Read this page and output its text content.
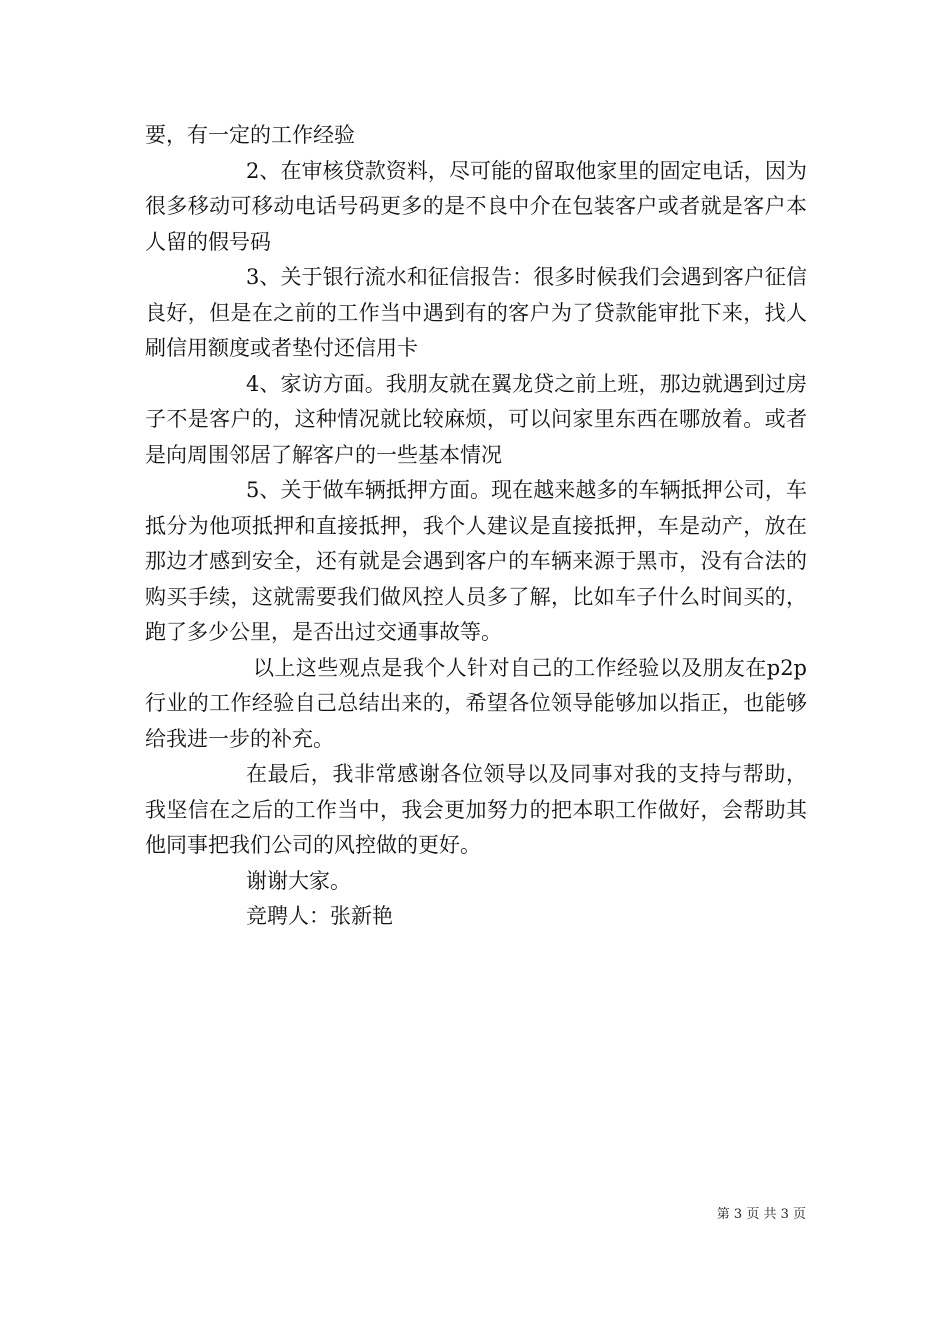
要，有一定的工作经验

2、在审核贷款资料，尽可能的留取他家里的固定电话，因为很多移动可移动电话号码更多的是不良中介在包装客户或者就是客户本人留的假号码

3、关于银行流水和征信报告：很多时候我们会遇到客户征信良好，但是在之前的工作当中遇到有的客户为了贷款能审批下来，找人刷信用额度或者垫付还信用卡

4、家访方面。我朋友就在翼龙贷之前上班，那边就遇到过房子不是客户的，这种情况就比较麻烦，可以问家里东西在哪放着。或者是向周围邻居了解客户的一些基本情况

5、关于做车辆抵押方面。现在越来越多的车辆抵押公司，车抵分为他项抵押和直接抵押，我个人建议是直接抵押，车是动产，放在那边才感到安全，还有就是会遇到客户的车辆来源于黑市，没有合法的购买手续，这就需要我们做风控人员多了解，比如车子什么时间买的，跑了多少公里，是否出过交通事故等。

以上这些观点是我个人针对自己的工作经验以及朋友在p2p行业的工作经验自己总结出来的，希望各位领导能够加以指正，也能够给我进一步的补充。

在最后，我非常感谢各位领导以及同事对我的支持与帮助，我坚信在之后的工作当中，我会更加努力的把本职工作做好，会帮助其他同事把我们公司的风控做的更好。

谢谢大家。

竞聘人：张新艳

第 3 页 共 3 页
